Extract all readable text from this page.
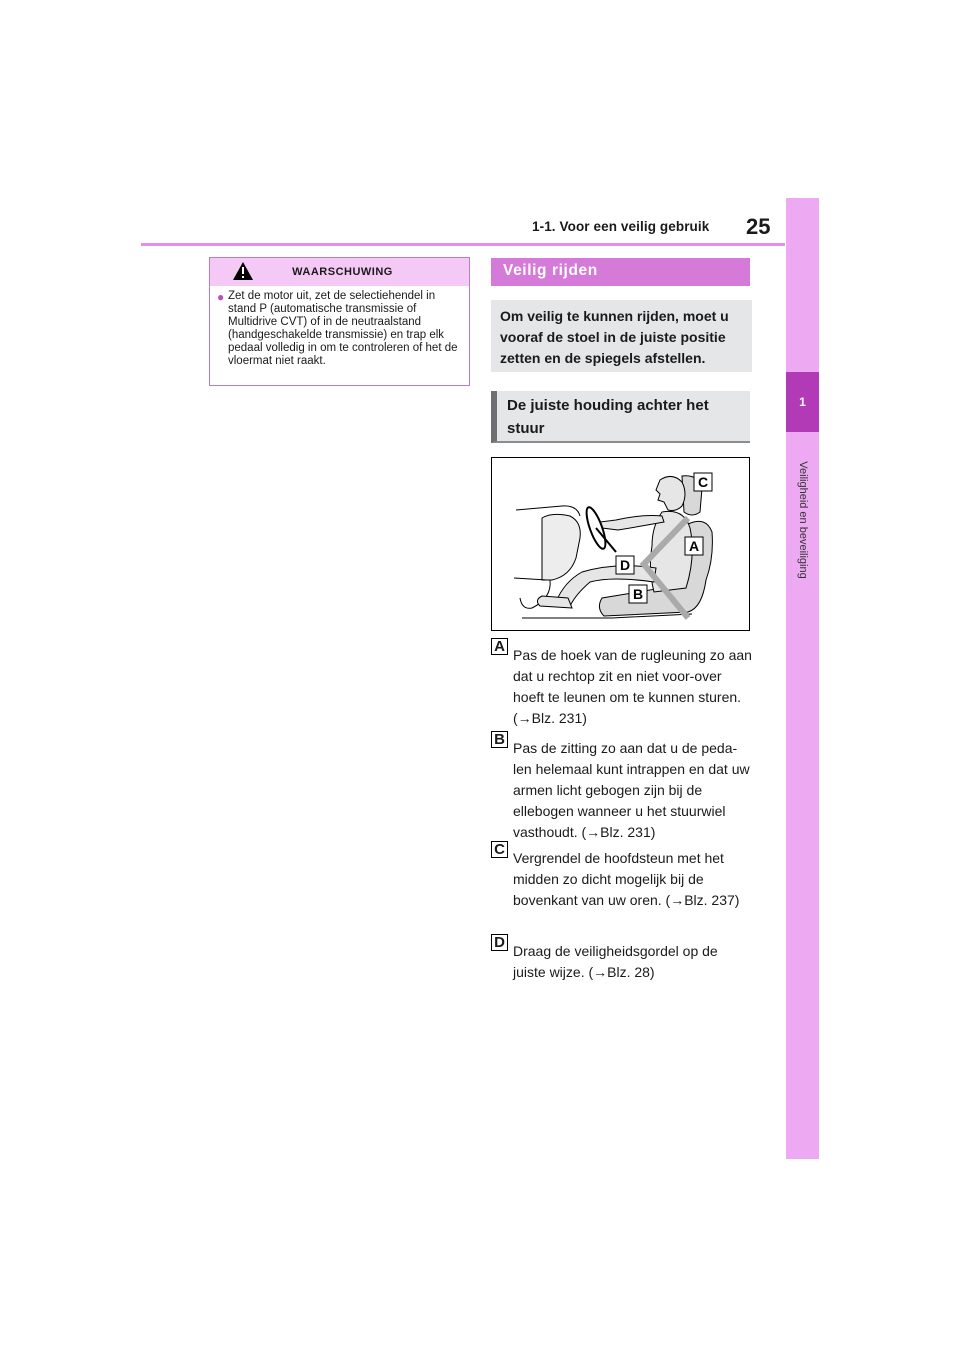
1-1. Voor een veilig gebruik 25
1
Veiligheid en beveiliging
WAARSCHUWING
● Zet de motor uit, zet de selectiehendel in stand P (automatische transmissie of Multidrive CVT) of in de neutraalstand (handgeschakelde transmissie) en trap elk pedaal volledig in om te controleren of het de vloermat niet raakt.
Veilig rijden
Om veilig te kunnen rijden, moet u vooraf de stoel in de juiste positie zetten en de spiegels afstellen.
De juiste houding achter het stuur
C
A
D
B
A Pas de hoek van de rugleuning zo aan dat u rechtop zit en niet voor-over hoeft te leunen om te kunnen sturen. (→Blz. 231)
B Pas de zitting zo aan dat u de peda-len helemaal kunt intrappen en dat uw armen licht gebogen zijn bij de ellebogen wanneer u het stuurwiel vasthoudt. (→Blz. 231)
C Vergrendel de hoofdsteun met het midden zo dicht mogelijk bij de bovenkant van uw oren. (→Blz. 237)
D Draag de veiligheidsgordel op de juiste wijze. (→Blz. 28)
